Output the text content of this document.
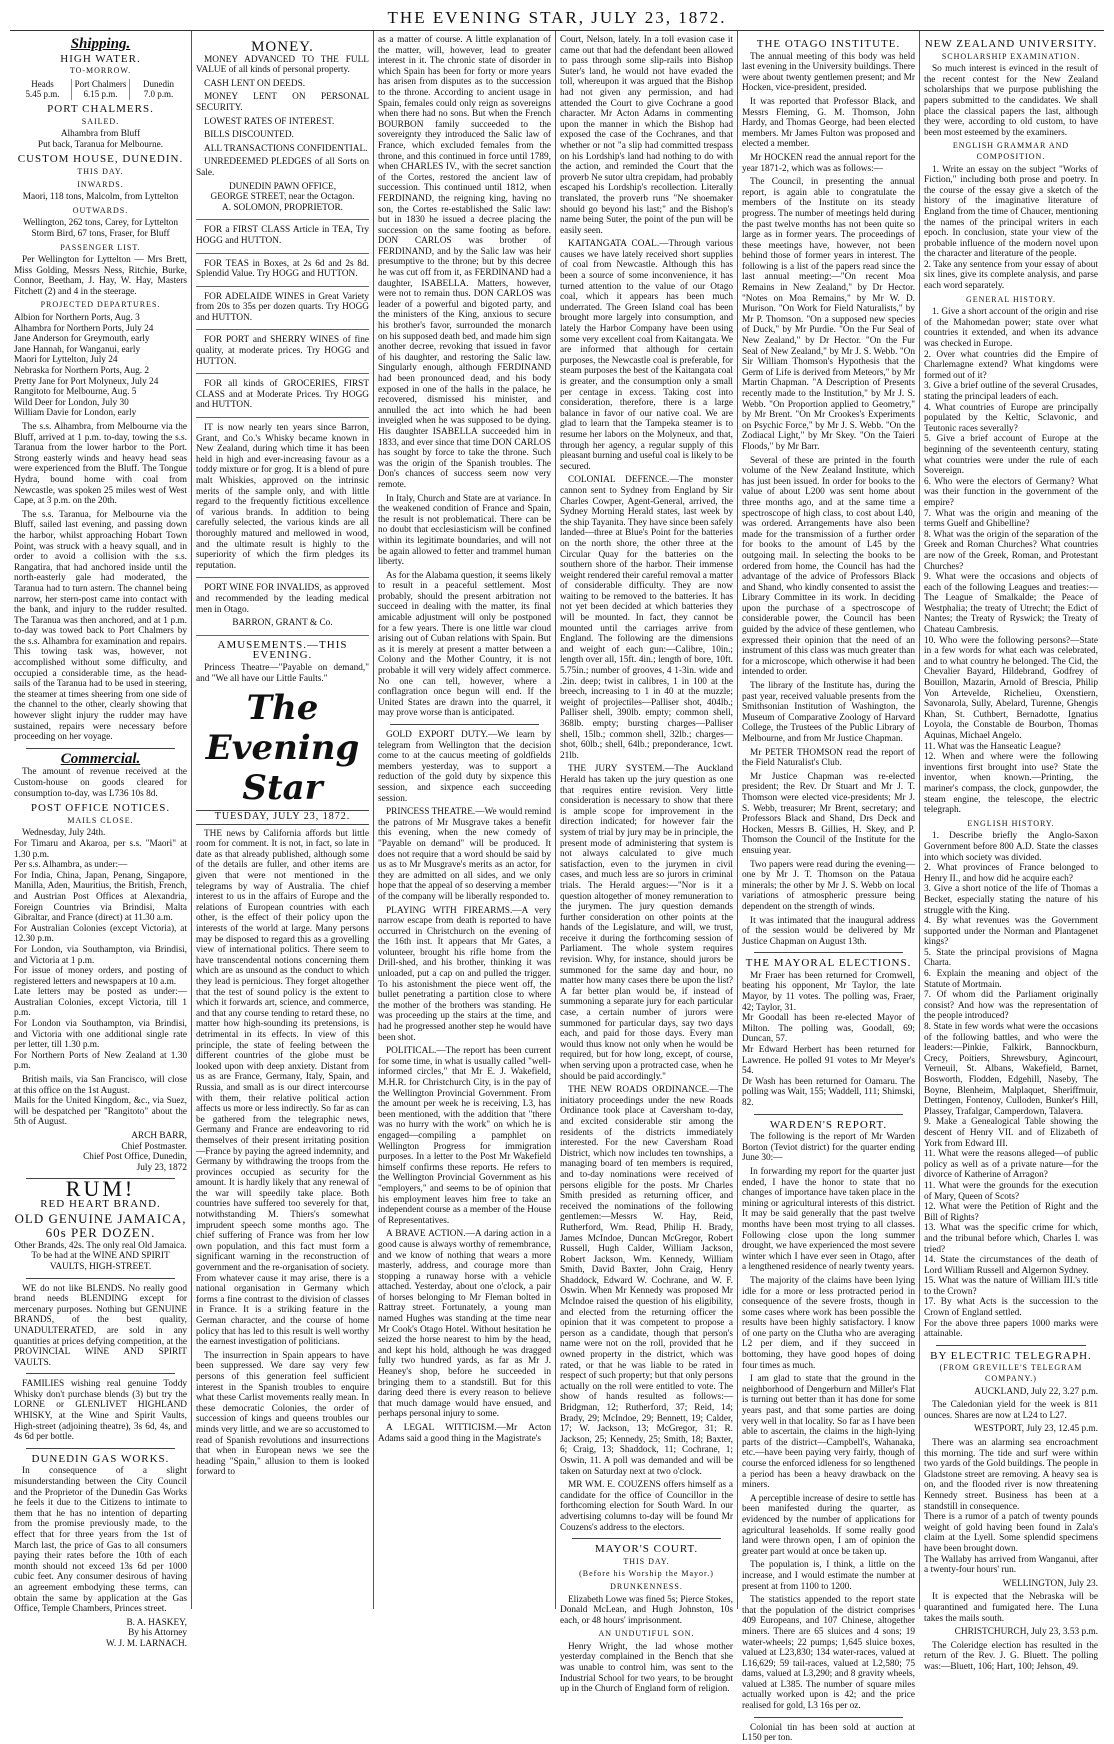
THE EVENING STAR, JULY 23, 1872.
Shipping.
HIGH WATER.
TO-MORROW.
Heads
5.45 p.m.
Port Chalmers
6.15 p.m.
Dunedin
7.0 p.m.
PORT CHALMERS.
SAILED.

Alhambra from Bluff
Put back, Taranua for Melbourne.

CUSTOM HOUSE, DUNEDIN.
THIS DAY.
INWARDS.

Maori, 118 tons, Malcolm, from Lyttelton

OUTWARDS.

Wellington, 262 tons, Carey, for Lyttelton
Storm Bird, 67 tons, Fraser, for Bluff

PASSENGER LIST.

Per Wellington for Lyttelton — Mrs Brett, Miss Golding, Messrs Ness, Ritchie, Burke, Connor, Beetham, J. Hay, W. Hay, Masters Fitchett (2) and 4 in the steerage.

PROJECTED DEPARTURES.

Albion for Northern Ports, Aug. 3
Alhambra for Northern Ports, July 24
Jane Anderson for Greymouth, early
Jane Hannah, for Wanganui, early
Maori for Lyttelton, July 24
Nebraska for Northern Ports, Aug. 2
Pretty Jane for Port Molyneux, July 24
Rangitoto for Melbourne, Aug. 5
Wild Deer for London, July 30
William Davie for London, early

The s.s. Alhambra, from Melbourne via the Bluff, arrived at 1 p.m. to-day, towing the s.s. Taranua from the lower harbor to the Port. Strong easterly winds and heavy head seas were experienced from the Bluff. The Tongue Hydra, bound home with coal from Newcastle, was spoken 25 miles west of West Cape, at 3 p.m. on the 20th.

The s.s. Taranua, for Melbourne via the Bluff, sailed last evening, and passing down the harbor, whilst approaching Hobart Town Point, was struck with a heavy squall, and in order to avoid a collision with the s.s. Rangatira, that had anchored inside until the north-easterly gale had moderated, the Taranua had to turn astern. The channel being narrow, her stern-post came into contact with the bank, and injury to the rudder resulted. The Taranua was then anchored, and at 1 p.m. to-day was towed back to Port Chalmers by the s.s. Alhambra for examination and repairs. This towing task was, however, not accomplished without some difficulty, and occupied a considerable time, as the head-sails of the Taranua had to be used in steering, the steamer at times sheering from one side of the channel to the other, clearly showing that however slight injury the rudder may have sustained, repairs were necessary before proceeding on her voyage.

Commercial.

The amount of revenue received at the Custom-house on goods cleared for consumption to-day, was L736 10s 8d.

POST OFFICE NOTICES.
MAILS CLOSE.

Wednesday, July 24th.
For Timaru and Akaroa, per s.s. "Maori" at 1.30 p.m.
Per s.s. Alhambra, as under:—
For India, China, Japan, Penang, Singapore, Manilla, Aden, Mauritius, the British, French, and Austrian Post Offices at Alexandria, Foreign Countries via Brindisi, Malta Gibraltar, and France (direct) at 11.30 a.m.
For Australian Colonies (except Victoria), at 12.30 p.m.
For London, via Southampton, via Brindisi, and Victoria at 1 p.m.
For issue of money orders, and posting of registered letters and newspapers at 10 a.m.
Late letters may be posted as under:— Australian Colonies, except Victoria, till 1 p.m.
For London via Southampton, via Brindisi, and Victoria with one additional single rate per letter, till 1.30 p.m.
For Northern Ports of New Zealand at 1.30 p.m.

British mails, via San Francisco, will close at this office on the 1st August.
Mails for the United Kingdom, &c., via Suez, will be despatched per "Rangitoto" about the 5th of August.

ARCH BARR,
Chief Postmaster.
Chief Post Office, Dunedin,
July 23, 1872

RUM!
RED HEART BRAND.
OLD GENUINE JAMAICA,
60s PER DOZEN.

Other Brands, 42s. The only real Old Jamaica. To be had at the WINE AND SPIRIT VAULTS, HIGH-STREET.

WE do not like BLENDS. No really good brand needs BLENDING except for mercenary purposes. Nothing but GENUINE BRANDS, of the best quality, UNADULTERATED, are sold in any quantities at prices defying competition, at the PROVINCIAL WINE AND SPIRIT VAULTS.

FAMILIES wishing real genuine Toddy Whisky don't purchase blends (3) but try the LORNE or GLENLIVET HIGHLAND WHISKY, at the Wine and Spirit Vaults, High-street (adjoining theatre), 3s 6d, 4s, and 4s 6d per bottle.

DUNEDIN GAS WORKS.

In consequence of a slight misunderstanding between the City Council and the Proprietor of the Dunedin Gas Works he feels it due to the Citizens to intimate to them that he has no intention of departing from the promise previously made, to the effect that for three years from the 1st of March last, the price of Gas to all consumers paying their rates before the 10th of each month should not exceed 13s 6d per 1000 cubic feet. Any consumer desirous of having an agreement embodying these terms, can obtain the same by application at the Gas Office, Temple Chambers, Princes street.

B. A. HASKEY,
By his Attorney
W. J. M. LARNACH.

MONEY.

MONEY ADVANCED TO THE FULL VALUE of all kinds of personal property.

CASH LENT ON DEEDS.

MONEY LENT ON PERSONAL SECURITY.

LOWEST RATES OF INTEREST.

BILLS DISCOUNTED.

ALL TRANSACTIONS CONFIDENTIAL.

UNREDEEMED PLEDGES of all Sorts on Sale.

DUNEDIN PAWN OFFICE,
GEORGE STREET, near the Octagon.
A. SOLOMON, PROPRIETOR.

FOR a FIRST CLASS Article in TEA, Try HOGG and HUTTON.

FOR TEAS in Boxes, at 2s 6d and 2s 8d. Splendid Value. Try HOGG and HUTTON.

FOR ADELAIDE WINES in Great Variety from 20s to 35s per dozen quarts. Try HOGG and HUTTON.

FOR PORT and SHERRY WINES of fine quality, at moderate prices. Try HOGG and HUTTON.

FOR all kinds of GROCERIES, FIRST CLASS and at Moderate Prices. Try HOGG and HUTTON.

IT is now nearly ten years since Barron, Grant, and Co.'s Whisky became known in New Zealand, during which time it has been held in high and ever-increasing favour as a toddy mixture or for grog. It is a blend of pure malt Whiskies, approved on the intrinsic merits of the sample only, and with little regard to the frequently fictitious excellence of various brands. In addition to being carefully selected, the various kinds are all thoroughly matured and mellowed in wood, and the ultimate result is highly to the superiority of which the firm pledges its reputation.

PORT WINE FOR INVALIDS, as approved and recommended by the leading medical men in Otago.

BARRON, GRANT & Co.

AMUSEMENTS.—THIS EVENING.

Princess Theatre—"Payable on demand," and "We all have our Little Faults."

The Evening Star
TUESDAY, JULY 23, 1872.

THE news by California affords but little room for comment. It is not, in fact, so late in date as that already published, although some of the details are fuller, and other items are given that were not mentioned in the telegrams by way of Australia. The chief interest to us in the affairs of Europe and the relations of European countries with each other, is the effect of their policy upon the interests of the world at large. Many persons may be disposed to regard this as a grovelling view of international politics. There seem to have transcendental notions concerning them which are as unsound as the conduct to which they lead is pernicious. They forget altogether that the test of sound policy is the extent to which it forwards art, science, and commerce, and that any course tending to retard these, no matter how high-sounding its pretensions, is detrimental in its effects. In view of this principle, the state of feeling between the different countries of the globe must be looked upon with deep anxiety. Distant from us as are France, Germany, Italy, Spain, and Russia, and small as is our direct intercourse with them, their relative political action affects us more or less indirectly. So far as can be gathered from the telegraphic news, Germany and France are endeavoring to rid themselves of their present irritating position—France by paying the agreed indemnity, and Germany by withdrawing the troops from the provinces occupied as security for the amount. It is hardly likely that any renewal of the war will speedily take place. Both countries have suffered too severely for that, notwithstanding M. Thiers's somewhat imprudent speech some months ago. The chief suffering of France was from her low own population, and this fact must form a significant warning in the reconstruction of government and the re-organisation of society. From whatever cause it may arise, there is a national organisation in Germany which forms a fine contrast to the division of classes in France. It is a striking feature in the German character, and the course of home policy that has led to this result is well worthy the earnest investigation of politicians.

The insurrection in Spain appears to have been suppressed. We dare say very few persons of this generation feel sufficient interest in the Spanish troubles to enquire what these Carlist movements really mean. In these democratic Colonies, the order of succession of kings and queens troubles our minds very little, and we are so accustomed to read of Spanish revolutions and insurrections that when in European news we see the heading "Spain," allusion to them is looked forward to

as a matter of course. A little explanation of the matter, will, however, lead to greater interest in it. The chronic state of disorder in which Spain has been for forty or more years has arisen from disputes as to the succession to the throne. According to ancient usage in Spain, females could only reign as sovereigns when there had no sons. But when the French BOURBON family succeeded to the sovereignty they introduced the Salic law of France, which excluded females from the throne, and this continued in force until 1789, when CHARLES IV., with the secret sanction of the Cortes, restored the ancient law of succession. This continued until 1812, when FERDINAND, the reigning king, having no son, the Cortes re-established the Salic law: but in 1830 he issued a decree placing the succession on the same footing as before. DON CARLOS was brother of FERDINAND, and by the Salic law was heir presumptive to the throne; but by this decree he was cut off from it, as FERDINAND had a daughter, ISABELLA. Matters, however, were not to remain thus. DON CARLOS was leader of a powerful and bigoted party, and the ministers of the King, anxious to secure his brother's favor, surrounded the monarch on his supposed death bed, and made him sign another decree, revoking that issued in favor of his daughter, and restoring the Salic law. Singularly enough, although FERDINAND had been pronounced dead, and his body exposed in one of the halls in the palace, he recovered, dismissed his minister, and annulled the act into which he had been inveigled when he was supposed to be dying. His daughter ISABELLA succeeded him in 1833, and ever since that time DON CARLOS has sought by force to take the throne. Such was the origin of the Spanish troubles. The Don's chances of success seem now very remote.

In Italy, Church and State are at variance. In the weakened condition of France and Spain, the result is not problematical. There can be no doubt that ecclesiasticism will be confined within its legitimate boundaries, and will not be again allowed to fetter and trammel human liberty.

As for the Alabama question, it seems likely to result in a peaceful settlement. Most probably, should the present arbitration not succeed in dealing with the matter, its final amicable adjustment will only be postponed for a few years. There is one little war cloud arising out of Cuban relations with Spain. But as it is merely at present a matter between a Colony and the Mother Country, it is not probable it will very widely affect commerce. No one can tell, however, where a conflagration once begun will end. If the United States are drawn into the quarrel, it may prove worse than is anticipated.

GOLD EXPORT DUTY.—We learn by telegram from Wellington that the decision come to at the caucus meeting of goldfields members yesterday, was to support a reduction of the gold duty by sixpence this session, and sixpence each succeeding session.

PRINCESS THEATRE.—We would remind the patrons of Mr Musgrave takes a benefit this evening, when the new comedy of "Payable on demand" will be produced. It does not require that a word should be said by us as to Mr Musgrave's merits as an actor, for they are admitted on all sides, and we only hope that the appeal of so deserving a member of the company will be liberally responded to.

PLAYING WITH FIREARMS.—A very narrow escape from death is reported to have occurred in Christchurch on the evening of the 16th inst. It appears that Mr Gates, a volunteer, brought his rifle home from the Drill-shed, and his brother, thinking it was unloaded, put a cap on and pulled the trigger. To his astonishment the piece went off, the bullet penetrating a partition close to where the mother of the brothers was standing. He was proceeding up the stairs at the time, and had he progressed another step he would have been shot.

POLITICAL.—The report has been current for some time, in what is usually called "well-informed circles," that Mr E. J. Wakefield, M.H.R. for Christchurch City, is in the pay of the Wellington Provincial Government. From the amount per week he is receiving, L3, has been mentioned, with the addition that "there was no hurry with the work" on which he is engaged—compiling a pamphlet on Wellington Progress for immigration purposes. In a letter to the Post Mr Wakefield himself confirms these reports. He refers to the Wellington Provincial Government as his "employers," and seems to be of opinion that his employment leaves him free to take an independent course as a member of the House of Representatives.

A BRAVE ACTION.—A daring action in a good cause is always worthy of remembrance, and we know of nothing that wears a more masterly, address, and courage more than stopping a runaway horse with a vehicle attached. Yesterday, about one o'clock, a pair of horses belonging to Mr Fleman bolted in Rattray street. Fortunately, a young man named Hughes was standing at the time near Mr Cook's Otago Hotel. Without hesitation he seized the horse nearest to him by the head, and kept his hold, although he was dragged fully two hundred yards, as far as Mr J. Heaney's shop, before he succeeded in bringing them to a standstill. But for this daring deed there is every reason to believe that much damage would have ensued, and perhaps personal injury to some.

A LEGAL WITTICISM.—Mr Acton Adams said a good thing in the Magistrate's

Court, Nelson, lately. In a toll evasion case it came out that had the defendant been allowed to pass through some slip-rails into Bishop Suter's land, he would not have evaded the toll, whereupon it was argued that the Bishop had not given any permission, and had attended the Court to give Cochrane a good character. Mr Acton Adams in commenting upon the manner in which the Bishop had exposed the case of the Cochranes, and that whether or not "a slip had committed trespass on his Lordship's land had nothing to do with the action, and reminded the Court that the proverb Ne sutor ultra crepidam, had probably escaped his Lordship's recollection. Literally translated, the proverb runs "Ne shoemaker should go beyond his last;" and the Bishop's name being Suter, the point of the pun will be easily seen.

KAITANGATA COAL.—Through various causes we have lately received short supplies of coal from Newcastle. Although this has been a source of some inconvenience, it has turned attention to the value of our Otago coal, which it appears has been much underrated. The Green Island coal has been brought more largely into consumption, and lately the Harbor Company have been using some very excellent coal from Kaitangata. We are informed that although for certain purposes, the Newcastle coal is preferable, for steam purposes the best of the Kaitangata coal is greater, and the consumption only a small per centage in excess. Taking cost into consideration, therefore, there is a large balance in favor of our native coal. We are glad to learn that the Tampeka steamer is to resume her labors on the Molyneux, and that, through her agency, a regular supply of this pleasant burning and useful coal is likely to be secured.

COLONIAL DEFENCE.—The monster cannon sent to Sydney from England by Sir Charles Cowper, Agent-General, arrived, the Sydney Morning Herald states, last week by the ship Tayanita. They have since been safely landed—three at Blue's Point for the batteries on the north shore, the other three at the Circular Quay for the batteries on the southern shore of the harbor. Their immense weight rendered their careful removal a matter of considerable difficulty. They are now waiting to be removed to the batteries. It has not yet been decided at which batteries they will be mounted. In fact, they cannot be mounted until the carriages arrive from England. The following are the dimensions and weight of each gun:—Calibre, 10in.; length over all, 15ft. 4in.; length of bore, 10ft. 5.75in.; number of grooves, 4 1-3in. wide and .2in. deep; twist in calibres, 1 in 100 at the breech, increasing to 1 in 40 at the muzzle; weight of projectiles—Palliser shot, 404lb.; Palliser shell, 390lb. empty; common shell, 368lb. empty; bursting charges—Palliser shell, 15lb.; common shell, 32lb.; charges—shot, 60lb.; shell, 64lb.; preponderance, 1cwt. 21lb.

THE JURY SYSTEM.—The Auckland Herald has taken up the jury question as one that requires entire revision. Very little consideration is necessary to show that there is ample scope for improvement in the direction indicated; for however fair the system of trial by jury may be in principle, the present mode of administering that system is not always calculated to give much satisfaction, even to the jurymen in civil cases, and much less are so jurors in criminal trials. The Herald argues:—"Nor is it a question altogether of money remuneration to the jurymen. The jury question demands further consideration on other points at the hands of the Legislature, and will, we trust, receive it during the forthcoming session of Parliament. The whole system requires revision. Why, for instance, should jurors be summoned for the same day and hour, no matter how many cases there be upon the list? A far better plan would be, if instead of summoning a separate jury for each particular case, a certain number of jurors were summoned for particular days, say two days each, and paid for those days. Every man would thus know not only when he would be required, but for how long, except, of course, when serving upon a protracted case, when he should be paid accordingly."

THE NEW ROADS ORDINANCE.—The initiatory proceedings under the new Roads Ordinance took place at Caversham to-day, and excited considerable stir among the residents of the districts immediately interested. For the new Caversham Road District, which now includes ten townships, a managing board of ten members is required, and to-day nominations were received of persons eligible for the posts. Mr Charles Smith presided as returning officer, and received the nominations of the following gentlemen:—Messrs W. Hay, Reid, Rutherford, Wm. Read, Philip H. Brady, James McIndoe, Duncan McGregor, Robert Russell, Hugh Calder, William Jackson, Robert Jackson, Wm. Kennedy, William Smith, David Baxter, John Craig, Henry Shaddock, Edward W. Cochrane, and W. F. Oswin. When Mr Kennedy was proposed Mr McIndoe raised the question of his eligibility, and elected from the returning officer the opinion that it was competent to propose a person as a candidate, though that person's name were not on the roll, provided that he owned property in the district, which was rated, or that he was liable to be rated in respect of such property; but that only persons actually on the roll were entitled to vote. The show of hands resulted as follows:—Bridgman, 12; Rutherford, 37; Reid, 14; Brady, 29; McIndoe, 29; Bennett, 19; Calder, 17; W. Jackson, 13; McGregor, 31; R. Jackson, 25; Kennedy, 25; Smith, 18; Baxter, 6; Craig, 13; Shaddock, 11; Cochrane, 1; Oswin, 11. A poll was demanded and will be taken on Saturday next at two o'clock.

MR WM. E. COUZENS offers himself as a candidate for the office of Councillor in the forthcoming election for South Ward. In our advertising columns to-day will be found Mr Couzens's address to the electors.

MAYOR'S COURT.
THIS DAY.
(Before his Worship the Mayor.)
DRUNKENNESS.

Elizabeth Lowe was fined 5s; Pierce Stokes, Donald McLean, and Hugh Johnston, 10s each, or 48 hours' imprisonment.

AN UNDUTIFUL SON.

Henry Wright, the lad whose mother yesterday complained in the Bench that she was unable to control him, was sent to the Industrial School for two years, to be brought up in the Church of England form of religion.

THE OTAGO INSTITUTE.

The annual meeting of this body was held last evening in the University buildings. There were about twenty gentlemen present; and Mr Hocken, vice-president, presided.

It was reported that Professor Black, and Messrs Fleming, G. M. Thomson, John Hardy, and Thomas George, had been elected members. Mr James Fulton was proposed and elected a member.

Mr HOCKEN read the annual report for the year 1871-2, which was as follows:—

The Council, in presenting the annual report, is again able to congratulate the members of the Institute on its steady progress. The number of meetings held during the past twelve months has not been quite so large as in former years. The proceedings of these meetings have, however, not been behind those of former years in interest. The following is a list of the papers read since the last annual meeting:—"On recent Moa Remains in New Zealand," by Dr Hector. "Notes on Moa Remains," by Mr W. D. Murison. "On Work for Field Naturalists," by Mr P. Thomson. "On a supposed new species of Duck," by Mr Purdie. "On the Fur Seal of New Zealand," by Dr Hector. "On the Fur Seal of New Zealand," by Mr J. S. Webb. "On Sir William Thomson's Hypothesis that the Germ of Life is derived from Meteors," by Mr Martin Chapman. "A Description of Presents recently made to the Institution," by Mr J. S. Webb. "On Proportion applied to Geometry," by Mr Brent. "On Mr Crookes's Experiments on Psychic Force," by Mr J. S. Webb. "On the Zodiacal Light," by Mr Skey. "On the Taieri Floods," by Mr Barr.

Several of these are printed in the fourth volume of the New Zealand Institute, which has just been issued. In order for books to the value of about L200 was sent home about three months ago, and at the same time a spectroscope of high class, to cost about L40, was ordered. Arrangements have also been made for the transmission of a further order for books to the amount of L45 by the outgoing mail. In selecting the books to be ordered from home, the Council has had the advantage of the advice of Professors Black and Shand, who kindly consented to assist the Library Committee in its work. In deciding upon the purchase of a spectroscope of considerable power, the Council has been guided by the advice of these gentlemen, who expressed their opinion that the need of an instrument of this class was much greater than for a microscope, which otherwise it had been intended to order.

The library of the Institute has, during the past year, received valuable presents from the Smithsonian Institution of Washington, the Museum of Comparative Zoology of Harvard College, the Trustees of the Public Library of Melbourne, and from Mr Justice Chapman.

Mr PETER THOMSON read the report of the Field Naturalist's Club.

Mr Justice Chapman was re-elected president; the Rev. Dr Stuart and Mr J. T. Thomson were elected vice-presidents; Mr J. S. Webb, treasurer; Mr Brent, secretary; and Professors Black and Shand, Drs Deck and Hocken, Messrs B. Gillies, H. Skey, and P. Thomson the Council of the Institute for the ensuing year.

Two papers were read during the evening—one by Mr J. T. Thomson on the Pataua minerals; the other by Mr J. S. Webb on local variations of atmospheric pressure being dependent on the strength of winds.

It was intimated that the inaugural address of the session would be delivered by Mr Justice Chapman on August 13th.

THE MAYORAL ELECTIONS.

Mr Fraer has been returned for Cromwell, beating his opponent, Mr Taylor, the late Mayor, by 11 votes. The polling was, Fraer, 42; Taylor, 31.
Mr Goodall has been re-elected Mayor of Milton. The polling was, Goodall, 69; Duncan, 57.
Mr Edward Herbert has been returned for Lawrence. He polled 91 votes to Mr Meyer's 54.
Dr Wash has been returned for Oamaru. The polling was Wait, 155; Waddell, 111; Shimski, 82.

WARDEN'S REPORT.

The following is the report of Mr Warden Borton (Teviot district) for the quarter ending June 30:—

In forwarding my report for the quarter just ended, I have the honor to state that no changes of importance have taken place in the mining or agricultural interests of this district. It may be said generally that the past twelve months have been most trying to all classes. Following close upon the long summer drought, we have experienced the most severe winter which I have ever seen in Otago, after a lengthened residence of nearly twenty years.

The majority of the claims have been lying idle for a more or less protracted period in consequence of the severe frosts, though in some cases where work has been possible the results have been highly satisfactory. I know of one party on the Clutha who are averaging L2 per diem, and if they succeed in bottoming, they have good hopes of doing four times as much.

I am glad to state that the ground in the neighborhood of Dengerburn and Miller's Flat is turning out better than it has done for some years past, and that some parties are doing very well in that locality. So far as I have been able to ascertain, the claims in the high-lying parts of the district—Campbell's, Wahanaka, etc.—have been paying very fairly, though of course the enforced idleness for so lengthened a period has been a heavy drawback on the miners.

A perceptible increase of desire to settle has been manifested during the quarter, as evidenced by the number of applications for agricultural leaseholds. If some really good land were thrown open, I am of opinion the greater part would at once be taken up.

The population is, I think, a little on the increase, and I would estimate the number at present at from 1100 to 1200.

The statistics appended to the report state that the population of the district comprises 409 Europeans, and 107 Chinese, altogether miners. There are 65 sluices and 4 sons; 19 water-wheels; 22 pumps; 1,645 sluice boxes, valued at L23,830; 134 water-races, valued at L16,629; 59 tail-races, valued at L2,580; 75 dams, valued at L3,290; and 8 gravity wheels, valued at L385. The number of square miles actually worked upon is 42; and the price realised for gold, L3 16s per oz.

Colonial tin has been sold at auction at L150 per ton.

NEW ZEALAND UNIVERSITY.
SCHOLARSHIP EXAMINATION.

So much interest is evinced in the result of the recent contest for the New Zealand scholarships that we purpose publishing the papers submitted to the candidates. We shall place the classical papers the last, although they were, according to old custom, to have been most esteemed by the examiners.

ENGLISH GRAMMAR AND COMPOSITION.

1. Write an essay on the subject "Works of Fiction," including both prose and poetry. In the course of the essay give a sketch of the history of the imaginative literature of England from the time of Chaucer, mentioning the names of the principal writers in each epoch. In conclusion, state your view of the probable influence of the modern novel upon the character and literature of the people.
2. Take any sentence from your essay of about six lines, give its complete analysis, and parse each word separately.

GENERAL HISTORY.

1. Give a short account of the origin and rise of the Mahomedan power; state over what countries it extended, and when its advance was checked in Europe.
2. Over what countries did the Empire of Charlemagne extend? What kingdoms were formed out of it?
3. Give a brief outline of the several Crusades, stating the principal leaders of each.
4. What countries of Europe are principally populated by the Keltic, Sclavonic, and Teutonic races severally?
5. Give a brief account of Europe at the beginning of the seventeenth century, stating what countries were under the rule of each Sovereign.
6. Who were the electors of Germany? What was their function in the government of the empire?
7. What was the origin and meaning of the terms Guelf and Ghibelline?
8. What was the origin of the separation of the Greek and Roman Churches? What countries are now of the Greek, Roman, and Protestant Churches?
9. What were the occasions and objects of each of the following Leagues and treaties:—The League of Smalkalde; the Peace of Westphalia; the treaty of Utrecht; the Edict of Nantes; the Treaty of Ryswick; the Treaty of Chateau Cambresis.
10. Who were the following persons?—State in a few words for what each was celebrated, and to what country he belonged. The Cid, the Chevalier Bayard, Hildebrand, Godfrey of Bouillon, Mazarin, Arnold of Brescia, Philip Von Artevelde, Richelieu, Oxenstiern, Savonarola, Sully, Abelard, Turenne, Ghengis Khan, St. Cuthbert, Bernadotte, Ignatius Loyola, the Constable de Bourbon, Thomas Aquinas, Michael Angelo.
11. What was the Hanseatic League?
12. When and where were the following inventions first brought into use? State the inventor, when known.—Printing, the mariner's compass, the clock, gunpowder, the steam engine, the telescope, the electric telegraph.

ENGLISH HISTORY.

1. Describe briefly the Anglo-Saxon Government before 800 A.D. State the classes into which society was divided.
2. What provinces of France belonged to Henry II., and how did he acquire each?
3. Give a short notice of the life of Thomas a Becket, especially stating the nature of his struggle with the King.
4. By what revenues was the Government supported under the Norman and Plantagenet kings?
5. State the principal provisions of Magna Charta.
6. Explain the meaning and object of the Statute of Mortmain.
7. Of whom did the Parliament originally consist? And how was the representation of the people introduced?
8. State in few words what were the occasions of the following battles, and who were the leaders:—Pinkie, Falkirk, Bannockburn, Crecy, Poitiers, Shrewsbury, Agincourt, Verneuil, St. Albans, Wakefield, Barnet, Bosworth, Flodden, Edgehill, Naseby, The Boyne, Blenheim, Malplaquet, Sheriffmuir, Dettingen, Fontenoy, Culloden, Bunker's Hill, Plassey, Trafalgar, Camperdown, Talavera.
9. Make a Genealogical Table showing the descent of Henry VII. and of Elizabeth of York from Edward III.
11. What were the reasons alleged—of public policy as well as of a private nature—for the divorce of Katherine of Arragon?
11. What were the grounds for the execution of Mary, Queen of Scots?
12. What were the Petition of Right and the Bill of Rights?
13. What was the specific crime for which, and the tribunal before which, Charles I. was tried?
14. State the circumstances of the death of Lord William Russell and Algernon Sydney.
15. What was the nature of William III.'s title to the Crown?
17. By what Acts is the succession to the Crown of England settled.
For the above three papers 1000 marks were attainable.

BY ELECTRIC TELEGRAPH.
(FROM GREVILLE'S TELEGRAM COMPANY.)

AUCKLAND, July 22, 3.27 p.m.

The Caledonian yield for the week is 811 ounces. Shares are now at L24 to L27.

WESTPORT, July 23, 12.45 p.m.

There was an alarming sea encroachment this morning. The tide and surf were within two yards of the Gold buildings. The people in Gladstone street are removing. A heavy sea is on, and the flooded river is now threatening Kennedy street. Business has been at a standstill in consequence.
There is a rumor of a patch of twenty pounds weight of gold having been found in Zala's claim at the Lyell. Some splendid specimens have been brought down.
The Wallaby has arrived from Wanganui, after a twenty-four hours' run.

WELLINGTON, July 23.

It is expected that the Nebraska will be quarantined and fumigated here. The Luna takes the mails south.

CHRISTCHURCH, July 23, 3.53 p.m.

The Coleridge election has resulted in the return of the Rev. J. G. Bluett. The polling was:—Bluett, 106; Hart, 100; Jehson, 49.
